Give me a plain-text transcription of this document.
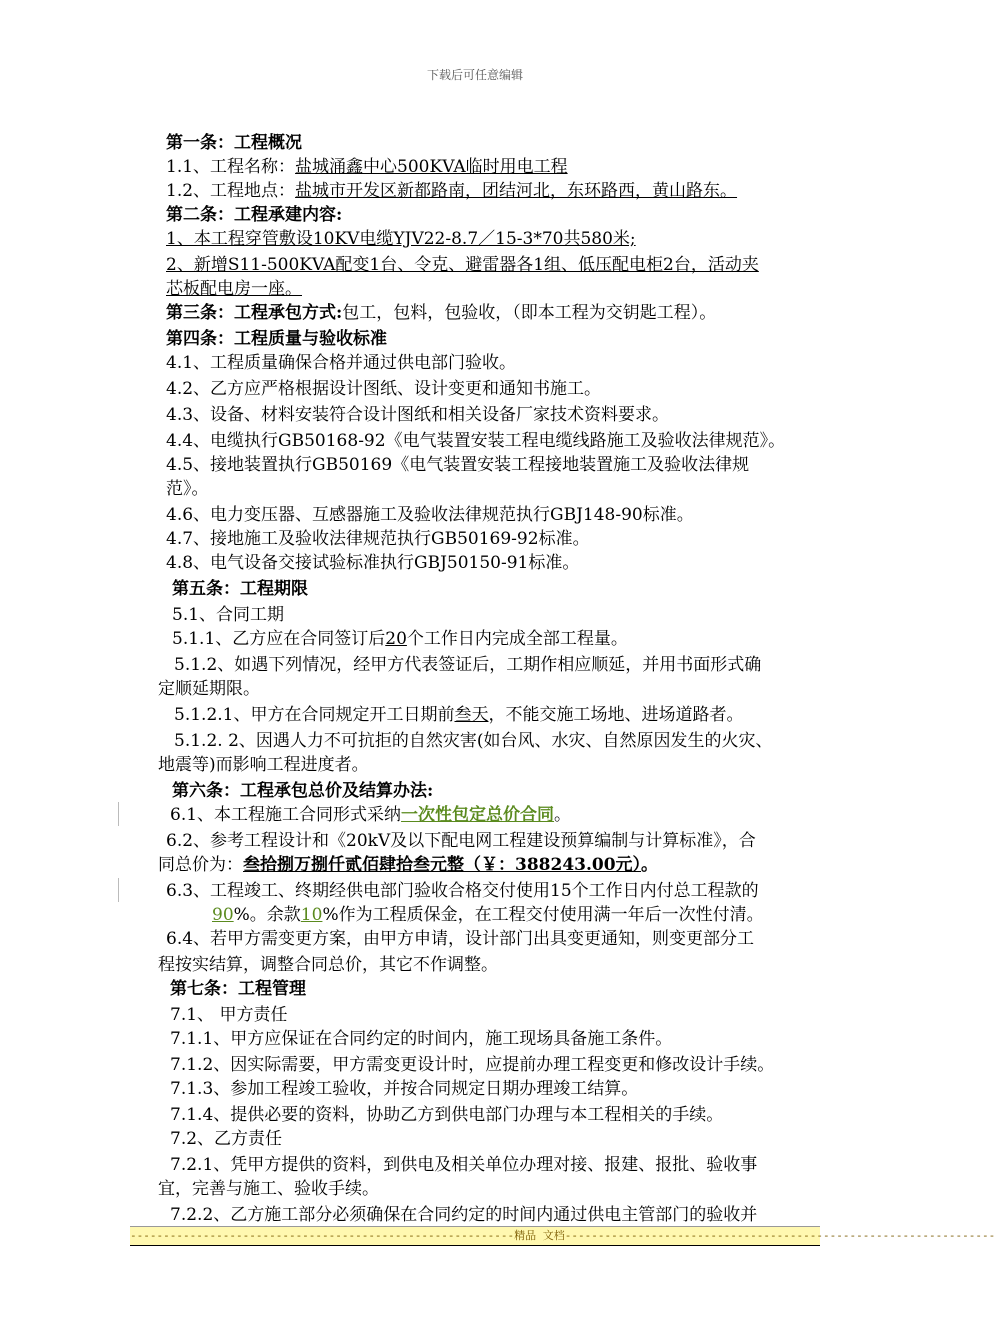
下载后可任意编辑
第一条：工程概况
1.1、工程名称：盐城涌鑫中心500KVA临时用电工程
1.2、工程地点：盐城市开发区新都路南，团结河北，东环路西，黄山路东。
第二条：工程承建内容:
1、本工程穿管敷设10KV电缆YJV22-8.7／15-3*70共580米;
2、新增S11-500KVA配变1台、令克、避雷器各1组、低压配电柜2台，活动夹
芯板配电房一座。
第三条：工程承包方式:包工，包料，包验收，（即本工程为交钥匙工程）。
第四条：工程质量与验收标准
4.1、工程质量确保合格并通过供电部门验收。
4.2、乙方应严格根据设计图纸、设计变更和通知书施工。
4.3、设备、材料安装符合设计图纸和相关设备厂家技术资料要求。
4.4、电缆执行GB50168-92《电气装置安装工程电缆线路施工及验收法律规范》。
4.5、接地装置执行GB50169《电气装置安装工程接地装置施工及验收法律规
范》。
4.6、电力变压器、互感器施工及验收法律规范执行GBJ148-90标准。
4.7、接地施工及验收法律规范执行GB50169-92标准。
4.8、电气设备交接试验标准执行GBJ50150-91标准。
第五条：工程期限
5.1、合同工期
5.1.1、乙方应在合同签订后20个工作日内完成全部工程量。
5.1.2、如遇下列情况，经甲方代表签证后，工期作相应顺延，并用书面形式确
定顺延期限。
5.1.2.1、甲方在合同规定开工日期前叁天，不能交施工场地、进场道路者。
5.1.2. 2、因遇人力不可抗拒的自然灾害(如台风、水灾、自然原因发生的火灾、
地震等)而影响工程进度者。
第六条：工程承包总价及结算办法:
6.1、本工程施工合同形式采纳一次性包定总价合同。
6.2、参考工程设计和《20kV及以下配电网工程建设预算编制与计算标准》，合
同总价为：叁拾捌万捌仟贰佰肆拾叁元整（￥：388243.00元）。
6.3、工程竣工、终期经供电部门验收合格交付使用15个工作日内付总工程款的
90%。余款10%作为工程质保金，在工程交付使用满一年后一次性付清。
6.4、若甲方需变更方案，由甲方申请，设计部门出具变更通知，则变更部分工
程按实结算，调整合同总价，其它不作调整。
第七条：工程管理
7.1、 甲方责任
7.1.1、甲方应保证在合同约定的时间内，施工现场具备施工条件。
7.1.2、因实际需要，甲方需变更设计时，应提前办理工程变更和修改设计手续。
7.1.3、参加工程竣工验收，并按合同规定日期办理竣工结算。
7.1.4、提供必要的资料，协助乙方到供电部门办理与本工程相关的手续。
7.2、乙方责任
7.2.1、凭甲方提供的资料，到供电及相关单位办理对接、报建、报批、验收事
宜，完善与施工、验收手续。
7.2.2、乙方施工部分必须确保在合同约定的时间内通过供电主管部门的验收并
----------------------------------------------------------精品 文档-----------------------------------------------------------------
